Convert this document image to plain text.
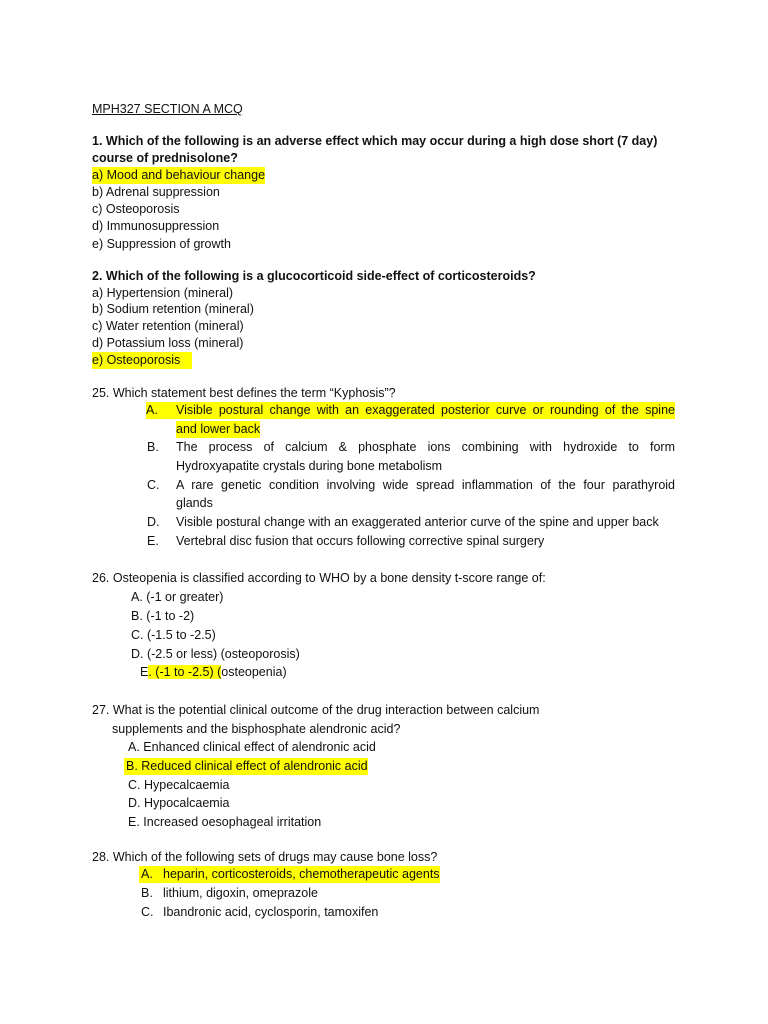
MPH327 SECTION A MCQ
1. Which of the following is an adverse effect which may occur during a high dose short (7 day)
course of prednisolone?
a) Mood and behaviour change
b) Adrenal suppression
c) Osteoporosis
d) Immunosuppression
e) Suppression of growth
2. Which of the following is a glucocorticoid side-effect of corticosteroids?
a) Hypertension (mineral)
b) Sodium retention (mineral)
c) Water retention (mineral)
d) Potassium loss (mineral)
e) Osteoporosis
25. Which statement best defines the term “Kyphosis”?
A.	Visible postural change with an exaggerated posterior curve or rounding of the spine
and lower back
B. The process of calcium & phosphate ions combining with hydroxide to form
Hydroxyapatite crystals during bone metabolism
C. A rare genetic condition involving wide spread inflammation of the four parathyroid
glands
D. Visible postural change with an exaggerated anterior curve of the spine and upper back
E. Vertebral disc fusion that occurs following corrective spinal surgery
26. Osteopenia is classified according to WHO by a bone density t-score range of:
A. (-1 or greater)
B. (-1 to -2)
C. (-1.5 to -2.5)
D. (-2.5 or less) (osteoporosis)
E. (-1 to -2.5) (osteopenia)
27. What is the potential clinical outcome of the drug interaction between calcium
supplements and the bisphosphate alendronic acid?
A. Enhanced clinical effect of alendronic acid
B. Reduced clinical effect of alendronic acid
C. Hypecalcaemia
D. Hypocalcaemia
E. Increased oesophageal irritation
28. Which of the following sets of drugs may cause bone loss?
A. heparin, corticosteroids, chemotherapeutic agents
B. lithium, digoxin, omeprazole
C. Ibandronic acid, cyclosporin, tamoxifen
